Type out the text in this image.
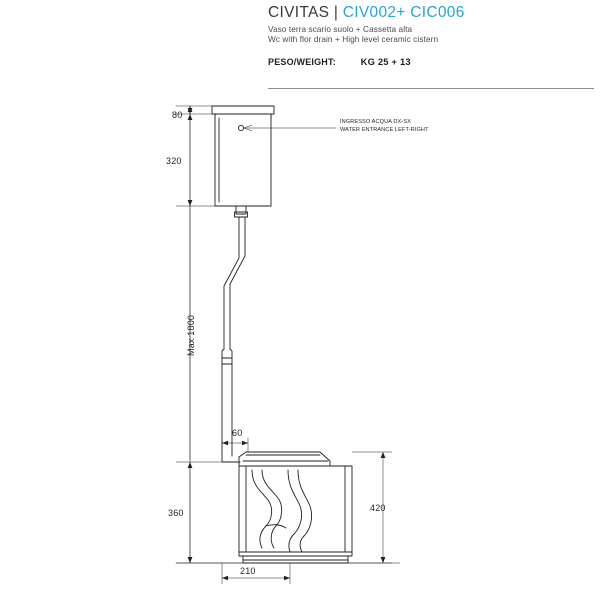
CIVITAS | CIV002+ CIC006
Vaso terra scario suolo + Cassetta alta
Wc with flor drain + High level ceramic cistern
PESO/WEIGHT:	KG 25 + 13
80
320
Max 1800
60
360	420
210
INGRESSO ACQUA DX-SX
WATER ENTRANCE LEFT-RIGHT
